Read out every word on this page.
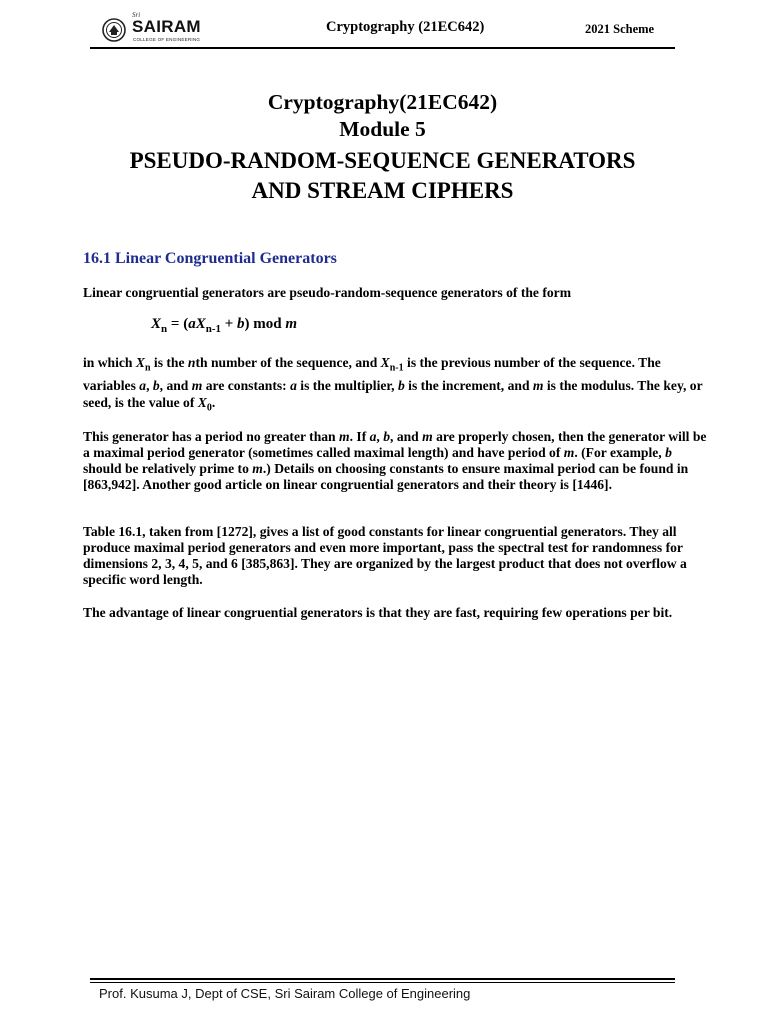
Sri
SAIRAM
COLLEGE OF ENGINEERING
Cryptography (21EC642)	2021 Scheme
Cryptography(21EC642)
Module 5
PSEUDO-RANDOM-SEQUENCE GENERATORS
AND STREAM CIPHERS
16.1 Linear Congruential Generators
Linear congruential generators are pseudo-random-sequence generators of the form
$X_n = (aX_{n-1} + b)$ mod m
in which $X_n$ is the nth number of the sequence, and $X_{n-1}$ is the previous number of the sequence. The variables a, b, and m are constants: a is the multiplier, b is the increment, and m is the modulus. The key, or seed, is the value of $X_0$.
This generator has a period no greater than m. If a, b, and m are properly chosen, then the generator will be a maximal period generator (sometimes called maximal length) and have period of m. (For example, b should be relatively prime to m.) Details on choosing constants to ensure maximal period can be found in [863,942]. Another good article on linear congruential generators and their theory is [1446].
Table 16.1, taken from [1272], gives a list of good constants for linear congruential generators. They all produce maximal period generators and even more important, pass the spectral test for randomness for dimensions 2, 3, 4, 5, and 6 [385,863]. They are organized by the largest product that does not overflow a specific word length.
The advantage of linear congruential generators is that they are fast, requiring few operations per bit.
Prof. Kusuma J, Dept of CSE, Sri Sairam College of Engineering
